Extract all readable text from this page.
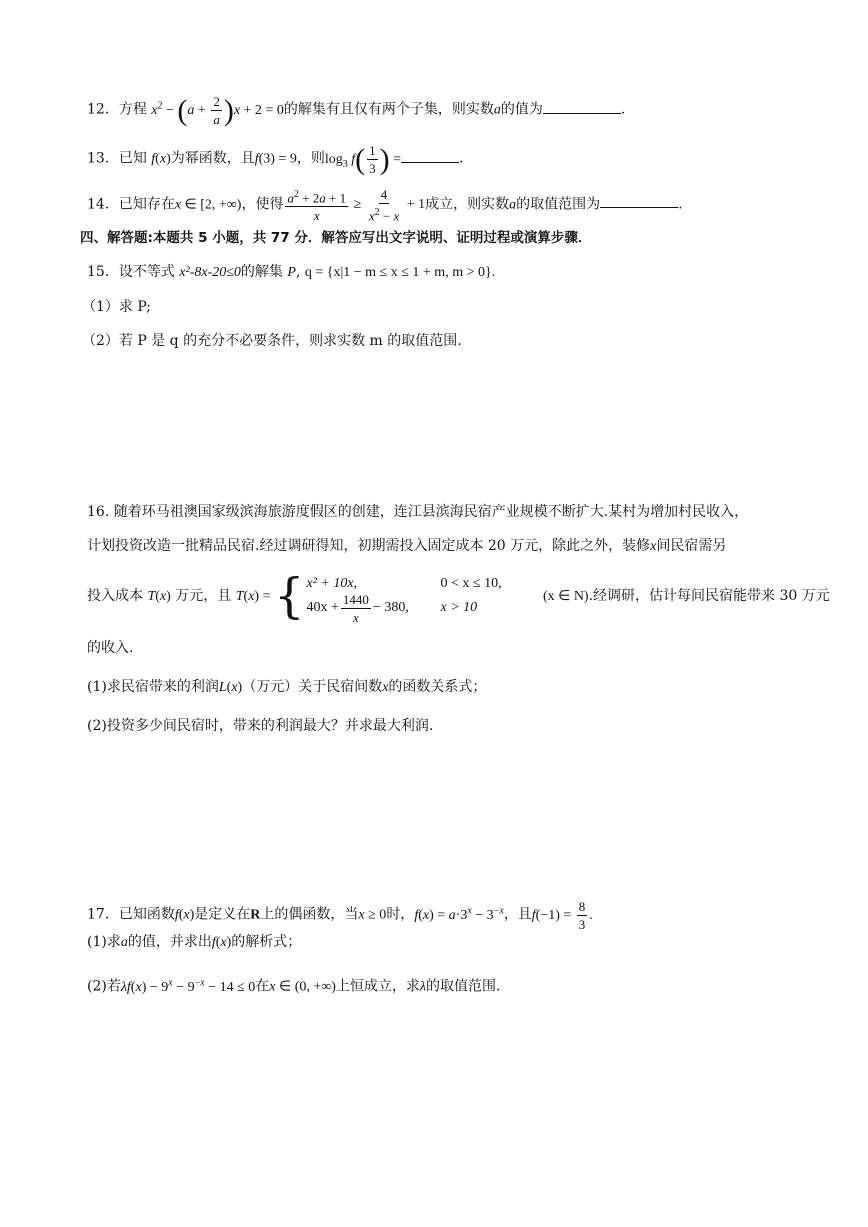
12．方程 $x^2 - (a + \frac{2}{a} )x + 2 = 0$的解集有且仅有两个子集，则实数a的值为	.
13．已知 f(x)为幂函数，且f(3) = 9，则$\log_3 f( \frac{1}{3}$ ) =	.
14．已知存在x ∈ [2, +∞)，使得 $\frac{a^2 + 2a + 1}{x} \ge \frac{4}{x^2 - x} + 1$成立，则实数a的取值范围为	.
四、解答题:本题共 5 小题，共 77 分．解答应写出文字说明、证明过程或演算步骤．
15．设不等式 x²-8x-20≤0的解集 P, q = {x|1 − m ≤ x ≤ 1 + m, m > 0}.
（1）求 P;
（2）若 P 是 q 的充分不必要条件，则求实数 m 的取值范围.
16. 随着环马祖澳国家级滨海旅游度假区的创建，连江县滨海民宿产业规模不断扩大.某村为增加村民收入，
计划投资改造一批精品民宿.经过调研得知，初期需投入固定成本 20 万元，除此之外，装修x间民宿需另
投入成本 T(x) 万元，且 T(x) = { x² + 10x,	0 < x ≤ 10,
$40x + \frac{1440}{x} - 380$, x > 10
(x ∈ N).经调研，估计每间民宿能带来 30 万元
的收入.
(1)求民宿带来的利润L(x)（万元）关于民宿间数x的函数关系式；
(2)投资多少间民宿时，带来的利润最大？并求最大利润.
17．已知函数f(x)是定义在R上的偶函数，当x ≥ 0时，$f(x) = a\cdot 3^x - 3^{-x}$，且$f(-1) = \frac{8}{3}$ .
(1)求a的值，并求出f(x)的解析式；
(2)若$\lambda f(x) - 9^x - 9^{-x} - 14 \le 0$在x ∈ (0, +∞)上恒成立，求λ的取值范围.
